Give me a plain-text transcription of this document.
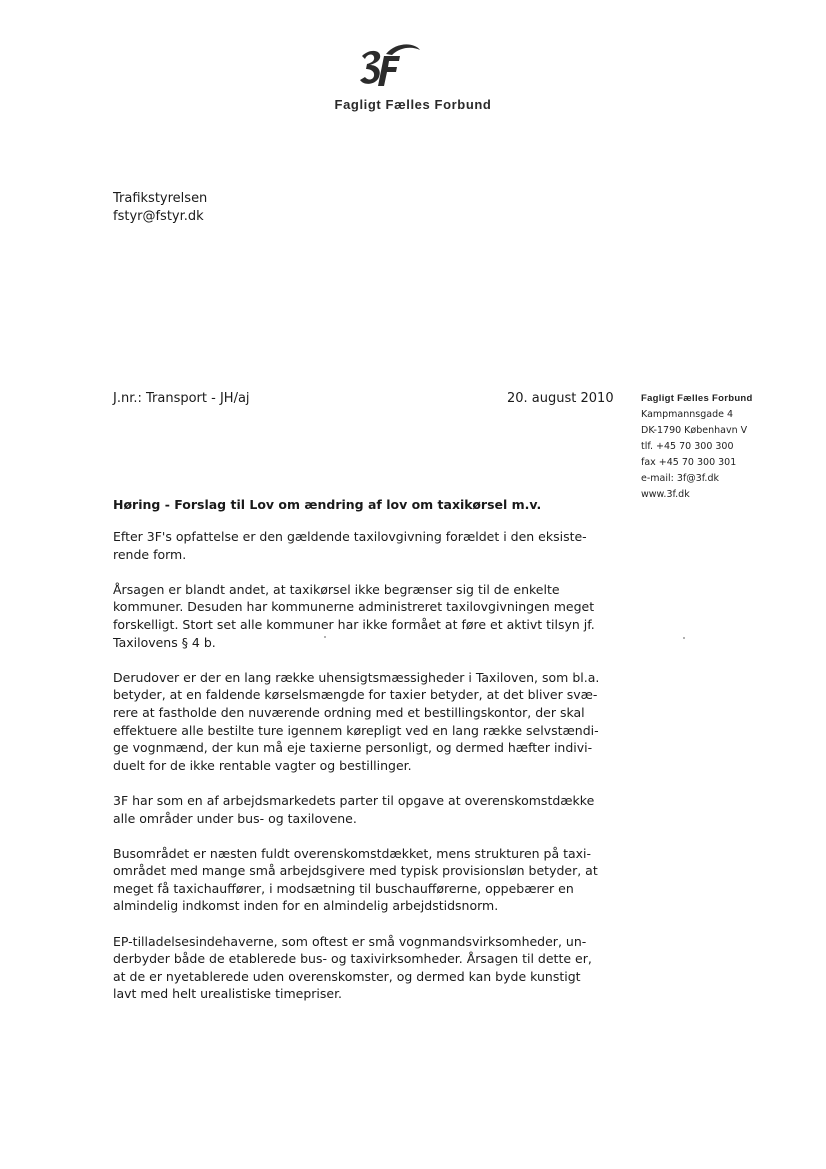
Fagligt Fælles Forbund
Trafikstyrelsen
fstyr@fstyr.dk
J.nr.: Transport - JH/aj	20. august 2010	Fagligt Fælles Forbund
Kampmannsgade 4
DK-1790 København V
tlf. +45 70 300 300
fax +45 70 300 301
e-mail: 3f@3f.dk
www.3f.dk
Høring - Forslag til Lov om ændring af lov om taxikørsel m.v.

Efter 3F's opfattelse er den gældende taxilovgivning forældet i den eksiste-
rende form.

Årsagen er blandt andet, at taxikørsel ikke begrænser sig til de enkelte
kommuner. Desuden har kommunerne administreret taxilovgivningen meget
forskelligt. Stort set alle kommuner har ikke formået at føre et aktivt tilsyn jf.
Taxilovens § 4 b.

Derudover er der en lang række uhensigtsmæssigheder i Taxiloven, som bl.a.
betyder, at en faldende kørselsmængde for taxier betyder, at det bliver svæ-
rere at fastholde den nuværende ordning med et bestillingskontor, der skal
effektuere alle bestilte ture igennem kørepligt ved en lang række selvstændi-
ge vognmænd, der kun må eje taxierne personligt, og dermed hæfter indivi-
duelt for de ikke rentable vagter og bestillinger.

3F har som en af arbejdsmarkedets parter til opgave at overenskomstdække
alle områder under bus- og taxilovene.

Busområdet er næsten fuldt overenskomstdækket, mens strukturen på taxi-
området med mange små arbejdsgivere med typisk provisionsløn betyder, at
meget få taxichauffører, i modsætning til buschaufførerne, oppebærer en
almindelig indkomst inden for en almindelig arbejdstidsnorm.

EP-tilladelsesindehaverne, som oftest er små vognmandsvirksomheder, un-
derbyder både de etablerede bus- og taxivirksomheder. Årsagen til dette er,
at de er nyetablerede uden overenskomster, og dermed kan byde kunstigt
lavt med helt urealistiske timepriser.
